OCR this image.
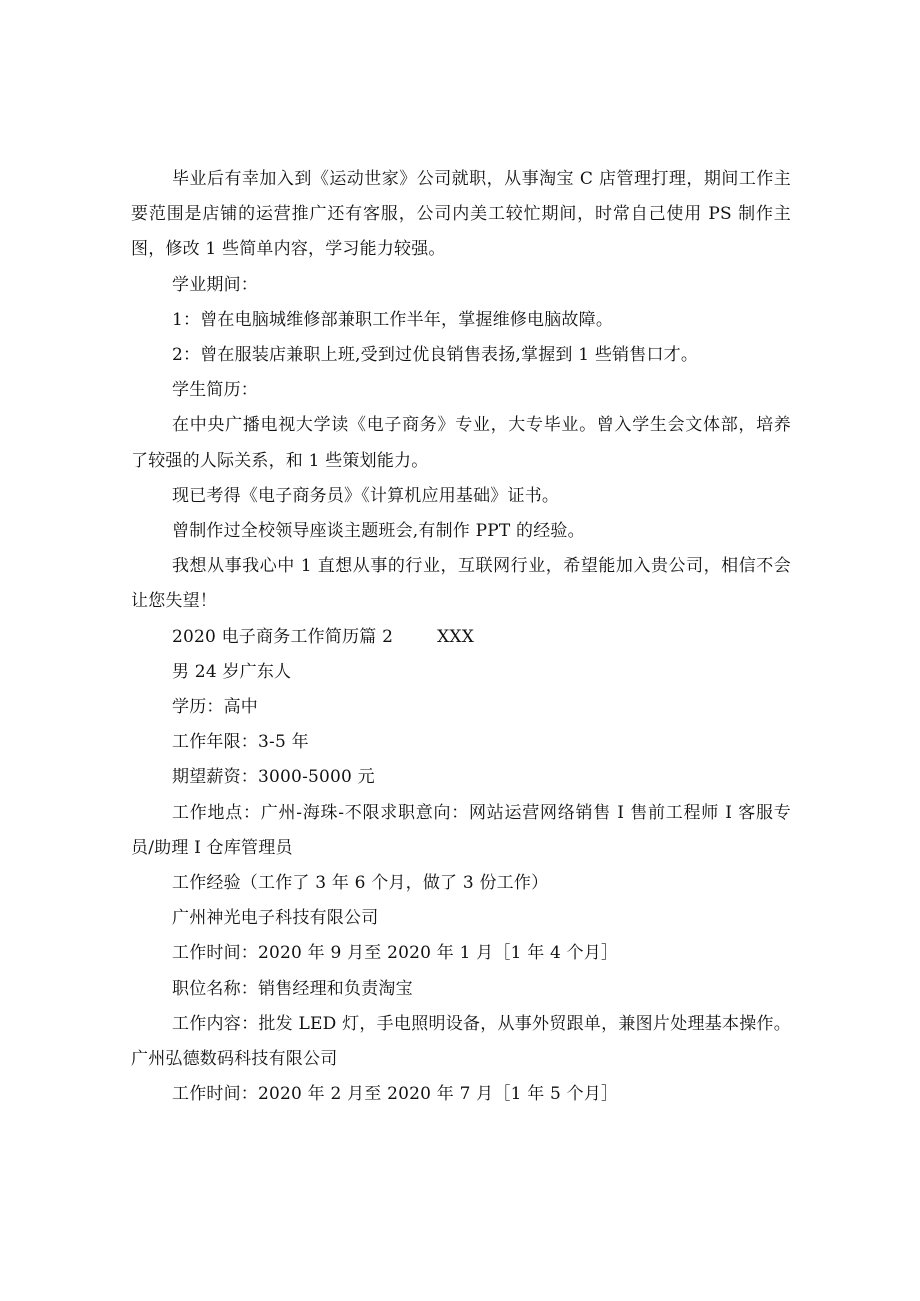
毕业后有幸加入到《运动世家》公司就职，从事淘宝 C 店管理打理，期间工作主要范围是店铺的运营推广还有客服，公司内美工较忙期间，时常自己使用 PS 制作主图，修改 1 些简单内容，学习能力较强。

学业期间：

1：曾在电脑城维修部兼职工作半年，掌握维修电脑故障。

2：曾在服装店兼职上班,受到过优良销售表扬,掌握到 1 些销售口才。

学生简历：

在中央广播电视大学读《电子商务》专业，大专毕业。曾入学生会文体部，培养了较强的人际关系，和 1 些策划能力。

现已考得《电子商务员》《计算机应用基础》证书。

曾制作过全校领导座谈主题班会,有制作 PPT 的经验。

我想从事我心中 1 直想从事的行业，互联网行业，希望能加入贵公司，相信不会让您失望！

2020 电子商务工作简历篇 2	XXX

男 24 岁广东人

学历：高中

工作年限：3-5 年

期望薪资：3000-5000 元

工作地点：广州-海珠-不限求职意向：网站运营网络销售 I 售前工程师 I 客服专员/助理 I 仓库管理员

工作经验（工作了 3 年 6 个月，做了 3 份工作）

广州神光电子科技有限公司

工作时间：2020 年 9 月至 2020 年 1 月［1 年 4 个月］

职位名称：销售经理和负责淘宝

工作内容：批发 LED 灯，手电照明设备，从事外贸跟单，兼图片处理基本操作。广州弘德数码科技有限公司

工作时间：2020 年 2 月至 2020 年 7 月［1 年 5 个月］
